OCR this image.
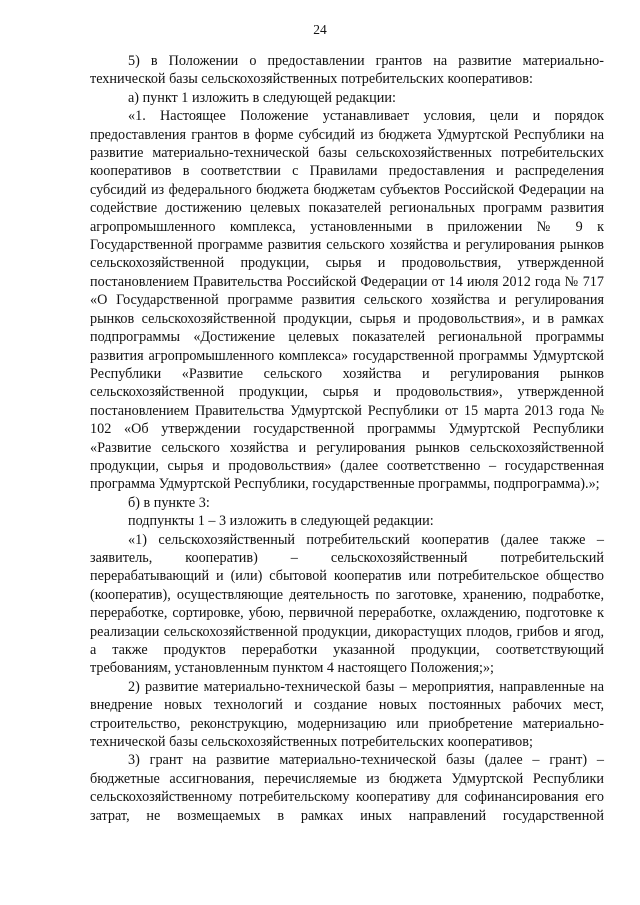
24

5) в Положении о предоставлении грантов на развитие материально-технической базы сельскохозяйственных потребительских кооперативов:

а) пункт 1 изложить в следующей редакции:

«1. Настоящее Положение устанавливает условия, цели и порядок предоставления грантов в форме субсидий из бюджета Удмуртской Республики на развитие материально-технической базы сельскохозяйственных потребительских кооперативов в соответствии с Правилами предоставления и распределения субсидий из федерального бюджета бюджетам субъектов Российской Федерации на содействие достижению целевых показателей региональных программ развития агропромышленного комплекса, установленными в приложении № 9 к Государственной программе развития сельского хозяйства и регулирования рынков сельскохозяйственной продукции, сырья и продовольствия, утвержденной постановлением Правительства Российской Федерации от 14 июля 2012 года № 717 «О Государственной программе развития сельского хозяйства и регулирования рынков сельскохозяйственной продукции, сырья и продовольствия», и в рамках подпрограммы «Достижение целевых показателей региональной программы развития агропромышленного комплекса» государственной программы Удмуртской Республики «Развитие сельского хозяйства и регулирования рынков сельскохозяйственной продукции, сырья и продовольствия», утвержденной постановлением Правительства Удмуртской Республики от 15 марта 2013 года № 102 «Об утверждении государственной программы Удмуртской Республики «Развитие сельского хозяйства и регулирования рынков сельскохозяйственной продукции, сырья и продовольствия» (далее соответственно – государственная программа Удмуртской Республики, государственные программы, подпрограмма).»;

б) в пункте 3:

подпункты 1 – 3 изложить в следующей редакции:

«1) сельскохозяйственный потребительский кооператив (далее также – заявитель, кооператив) – сельскохозяйственный потребительский перерабатывающий и (или) сбытовой кооператив или потребительское общество (кооператив), осуществляющие деятельность по заготовке, хранению, подработке, переработке, сортировке, убою, первичной переработке, охлаждению, подготовке к реализации сельскохозяйственной продукции, дикорастущих плодов, грибов и ягод, а также продуктов переработки указанной продукции, соответствующий требованиям, установленным пунктом 4 настоящего Положения;»;

2) развитие материально-технической базы – мероприятия, направленные на внедрение новых технологий и создание новых постоянных рабочих мест, строительство, реконструкцию, модернизацию или приобретение материально-технической базы сельскохозяйственных потребительских кооперативов;

3) грант на развитие материально-технической базы (далее – грант) – бюджетные ассигнования, перечисляемые из бюджета Удмуртской Республики сельскохозяйственному потребительскому кооперативу для софинансирования его затрат, не возмещаемых в рамках иных направлений государственной
